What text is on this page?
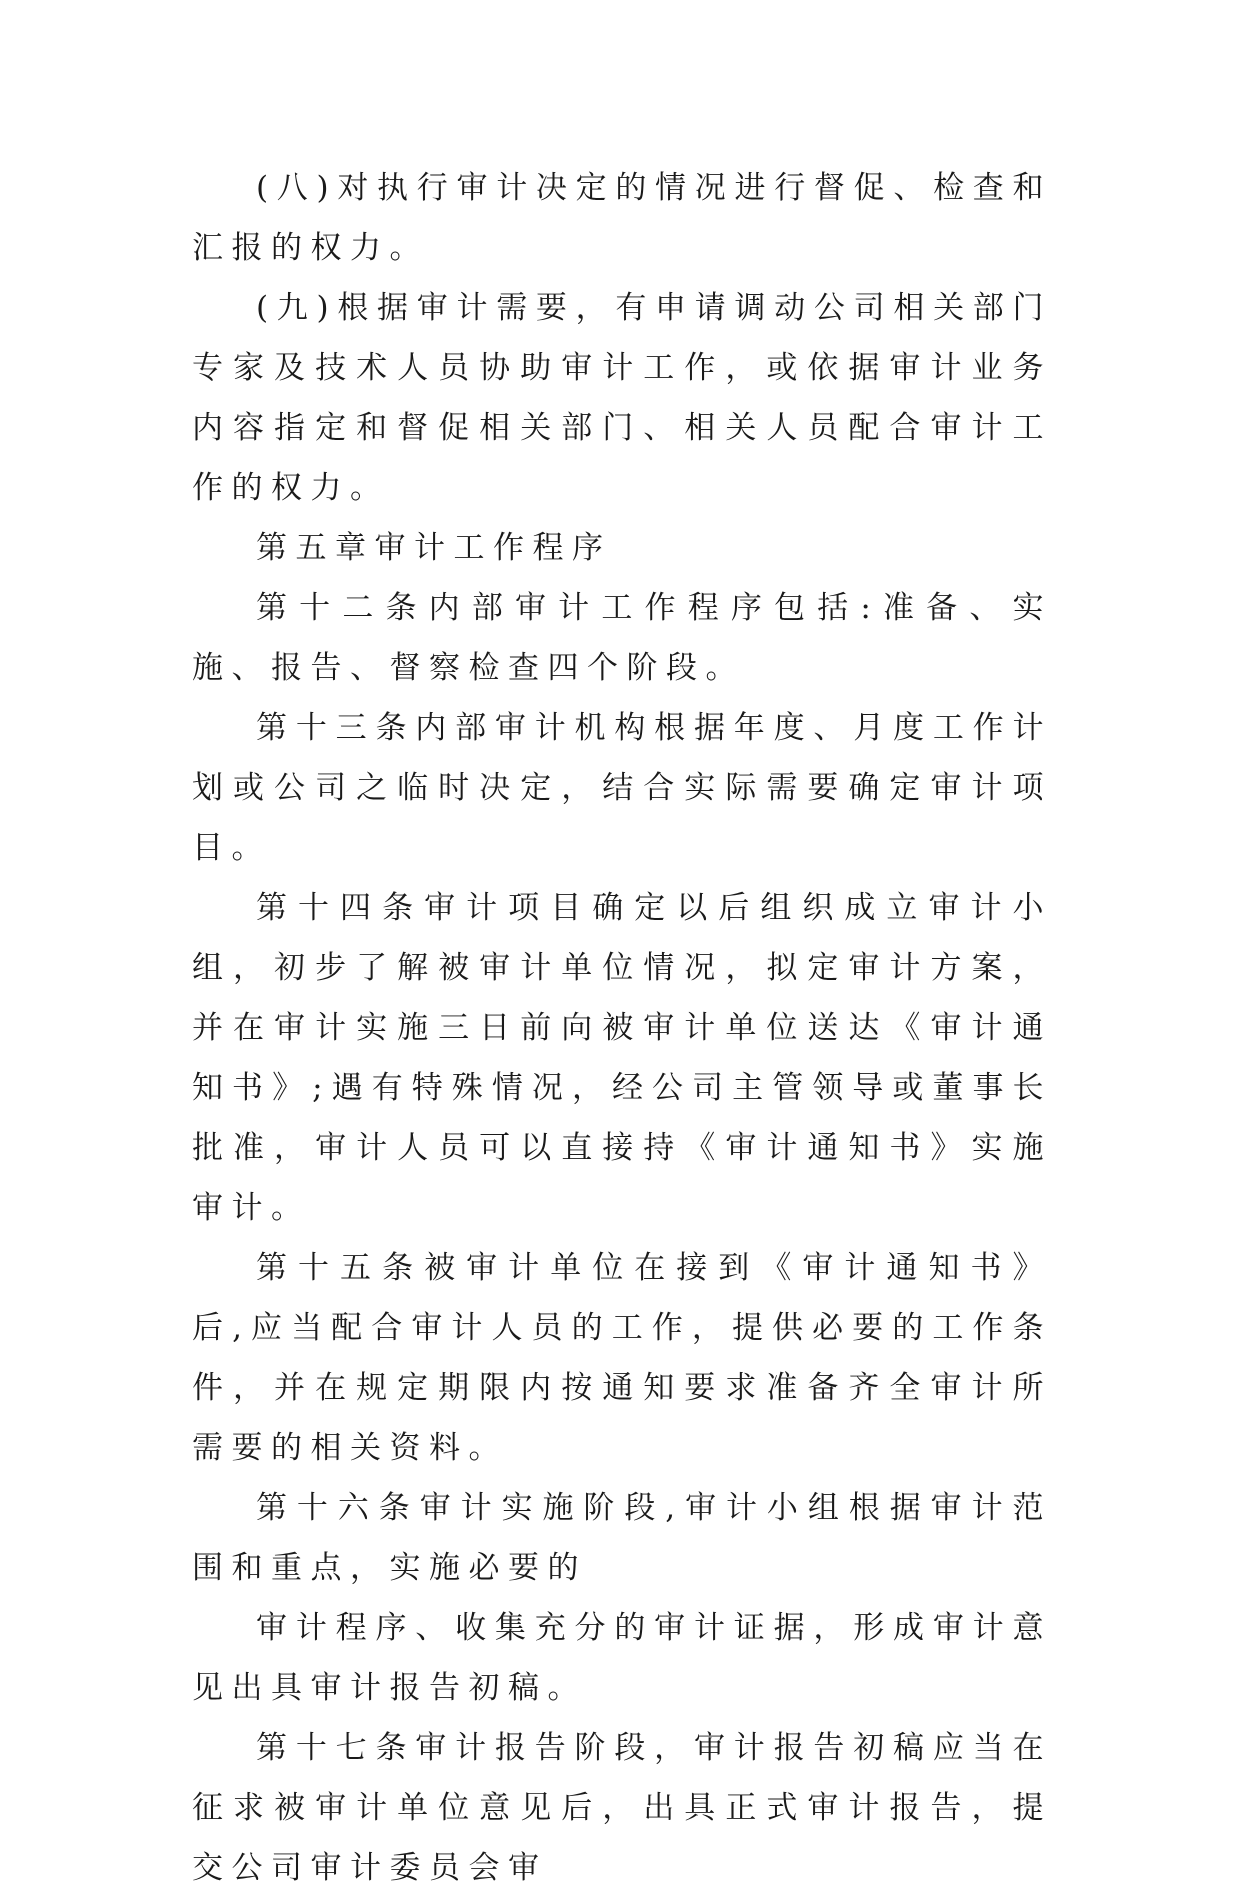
(八)对执行审计决定的情况进行督促、检查和汇报的权力。

(九)根据审计需要，有申请调动公司相关部门专家及技术人员协助审计工作，或依据审计业务内容指定和督促相关部门、相关人员配合审计工作的权力。

第五章审计工作程序

第十二条内部审计工作程序包括:准备、实施、报告、督察检查四个阶段。

第十三条内部审计机构根据年度、月度工作计划或公司之临时决定，结合实际需要确定审计项目。

第十四条审计项目确定以后组织成立审计小组，初步了解被审计单位情况，拟定审计方案，并在审计实施三日前向被审计单位送达《审计通知书》;遇有特殊情况，经公司主管领导或董事长批准，审计人员可以直接持《审计通知书》实施审计。

第十五条被审计单位在接到《审计通知书》后,应当配合审计人员的工作，提供必要的工作条件，并在规定期限内按通知要求准备齐全审计所需要的相关资料。

第十六条审计实施阶段,审计小组根据审计范围和重点，实施必要的

审计程序、收集充分的审计证据，形成审计意见出具审计报告初稿。

第十七条审计报告阶段，审计报告初稿应当在征求被审计单位意见后，出具正式审计报告，提交公司审计委员会审
